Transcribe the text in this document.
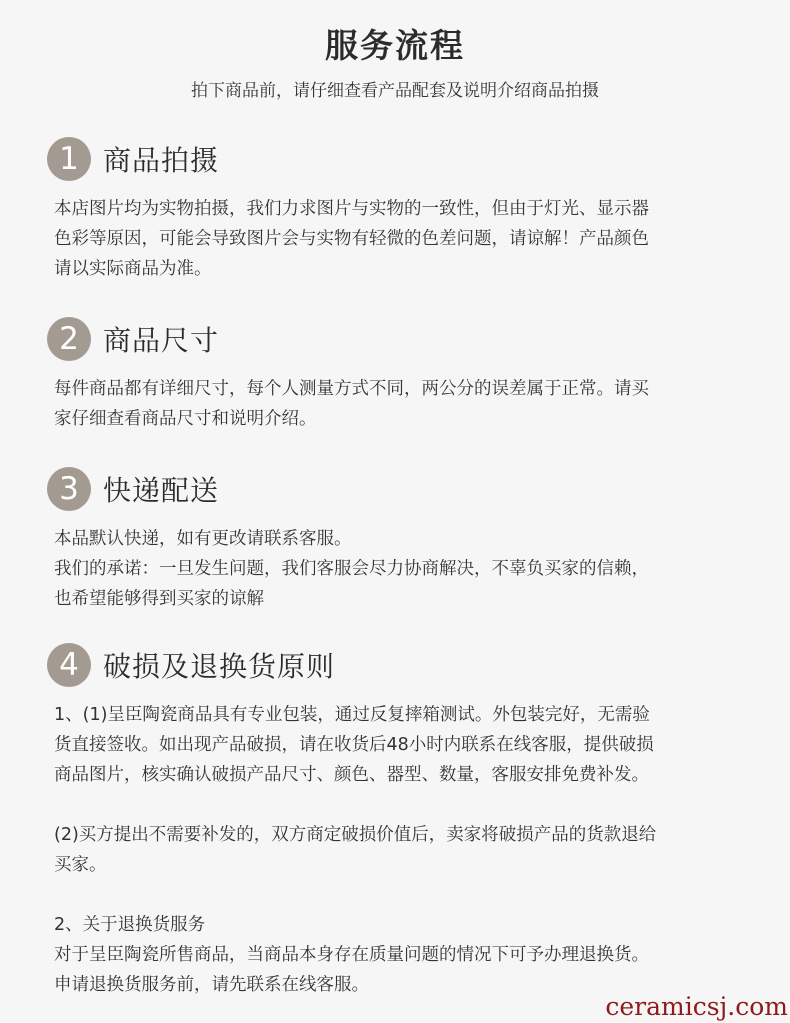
服务流程
拍下商品前，请仔细查看产品配套及说明介绍商品拍摄
1 商品拍摄

本店图片均为实物拍摄，我们力求图片与实物的一致性，但由于灯光、显示器

色彩等原因，可能会导致图片会与实物有轻微的色差问题，请谅解！产品颜色

请以实际商品为准。

2 商品尺寸

每件商品都有详细尺寸，每个人测量方式不同，两公分的误差属于正常。请买

家仔细查看商品尺寸和说明介绍。

3 快递配送

本品默认快递，如有更改请联系客服。

我们的承诺：一旦发生问题，我们客服会尽力协商解决，不辜负买家的信赖，

也希望能够得到买家的谅解

4 破损及退换货原则

1、(1)呈臣陶瓷商品具有专业包装，通过反复摔箱测试。外包装完好，无需验

货直接签收。如出现产品破损，请在收货后48小时内联系在线客服，提供破损

商品图片，核实确认破损产品尺寸、颜色、器型、数量，客服安排免费补发。

(2)买方提出不需要补发的，双方商定破损价值后，卖家将破损产品的货款退给

买家。

2、关于退换货服务

对于呈臣陶瓷所售商品，当商品本身存在质量问题的情况下可予办理退换货。

申请退换货服务前，请先联系在线客服。

ceramicsj.com
